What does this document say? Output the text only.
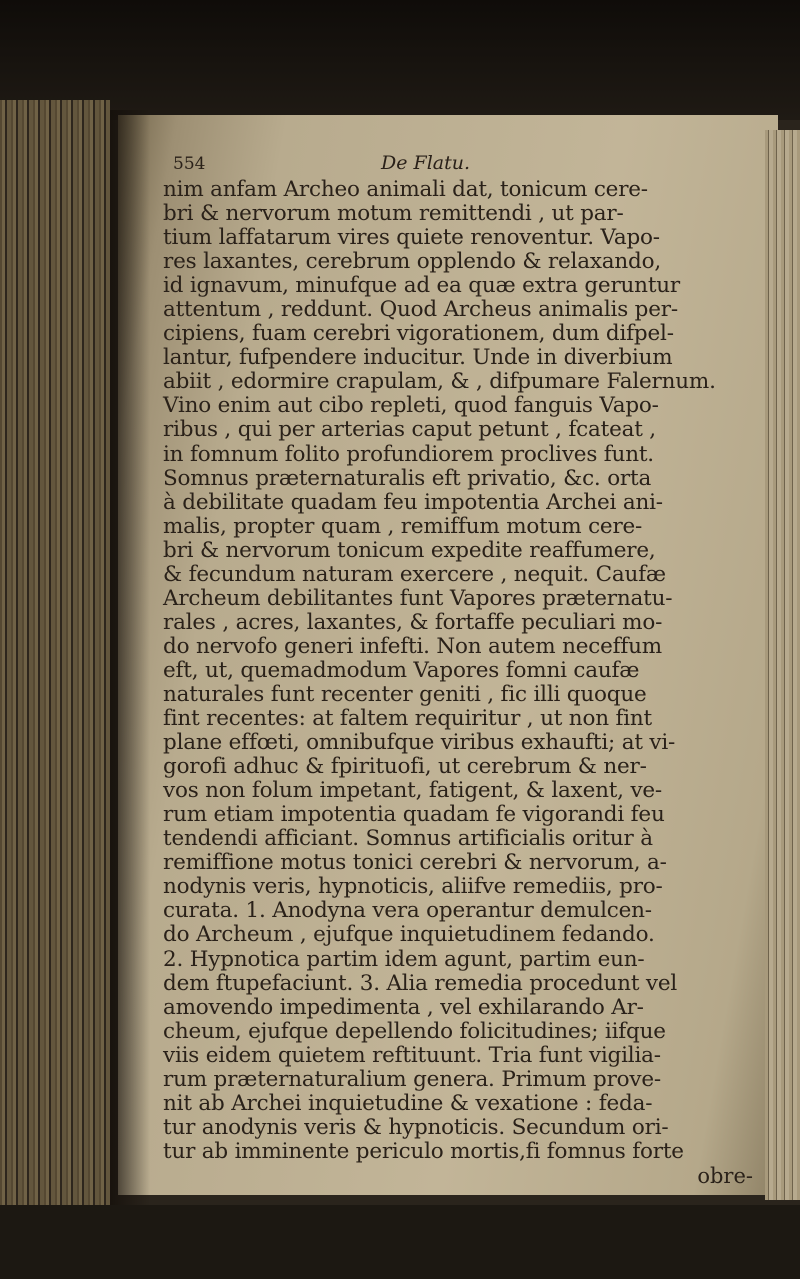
554	De Flatu.
nim anfam Archeo animali dat, tonicum cere-
bri & nervorum motum remittendi , ut par-
tium laffatarum vires quiete renoventur. Vapo-
res laxantes, cerebrum opplendo & relaxando,
id ignavum, minufque ad ea quæ extra geruntur
attentum , reddunt. Quod Archeus animalis per-
cipiens, fuam cerebri vigorationem, dum difpel-
lantur, fufpendere inducitur. Unde in diverbium
abiit , edormire crapulam, & , difpumare Falernum.
Vino enim aut cibo repleti, quod fanguis Vapo-
ribus , qui per arterias caput petunt , fcateat ,
in fomnum folito profundiorem proclives funt.
Somnus præternaturalis eft privatio, &c. orta
à debilitate quadam feu impotentia Archei ani-
malis, propter quam , remiffum motum cere-
bri & nervorum tonicum expedite reaffumere,
& fecundum naturam exercere , nequit. Caufæ
Archeum debilitantes funt Vapores præternatu-
rales , acres, laxantes, & fortaffe peculiari mo-
do nervofo generi infefti. Non autem neceffum
eft, ut, quemadmodum Vapores fomni caufæ
naturales funt recenter geniti , fic illi quoque
fint recentes: at faltem requiritur , ut non fint
plane effœti, omnibufque viribus exhaufti; at vi-
gorofi adhuc & fpirituofi, ut cerebrum & ner-
vos non folum impetant, fatigent, & laxent, ve-
rum etiam impotentia quadam fe vigorandi feu
tendendi afficiant. Somnus artificialis oritur à
remiffione motus tonici cerebri & nervorum, a-
nodynis veris, hypnoticis, aliifve remediis, pro-
curata. 1. Anodyna vera operantur demulcen-
do Archeum , ejufque inquietudinem fedando.
2. Hypnotica partim idem agunt, partim eun-
dem ftupefaciunt. 3. Alia remedia procedunt vel
amovendo impedimenta , vel exhilarando Ar-
cheum, ejufque depellendo folicitudines; iifque
viis eidem quietem reftituunt. Tria funt vigilia-
rum præternaturalium genera. Primum prove-
nit ab Archei inquietudine & vexatione : feda-
tur anodynis veris & hypnoticis. Secundum ori-
tur ab imminente periculo mortis,fi fomnus forte
obre-
